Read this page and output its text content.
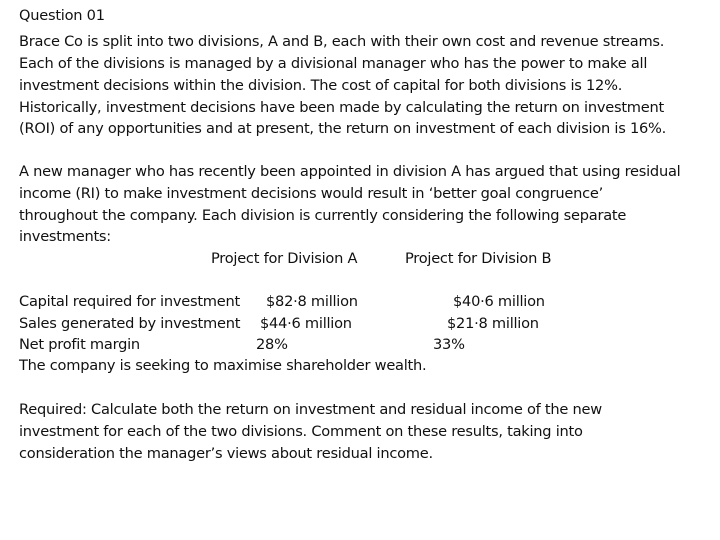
Question 01
Brace Co is split into two divisions, A and B, each with their own cost and revenue streams.
Each of the divisions is managed by a divisional manager who has the power to make all
investment decisions within the division. The cost of capital for both divisions is 12%.
Historically, investment decisions have been made by calculating the return on investment
(ROI) of any opportunities and at present, the return on investment of each division is 16%.
A new manager who has recently been appointed in division A has argued that using residual
income (RI) to make investment decisions would result in ‘better goal congruence’
throughout the company. Each division is currently considering the following separate
investments:
Project for Division A	Project for Division B
Capital required for investment $82·8 million	$40·6 million
Sales generated by investment $44·6 million	$21·8 million
Net profit margin	28%	33%
The company is seeking to maximise shareholder wealth.
Required: Calculate both the return on investment and residual income of the new
investment for each of the two divisions. Comment on these results, taking into
consideration the manager’s views about residual income.
